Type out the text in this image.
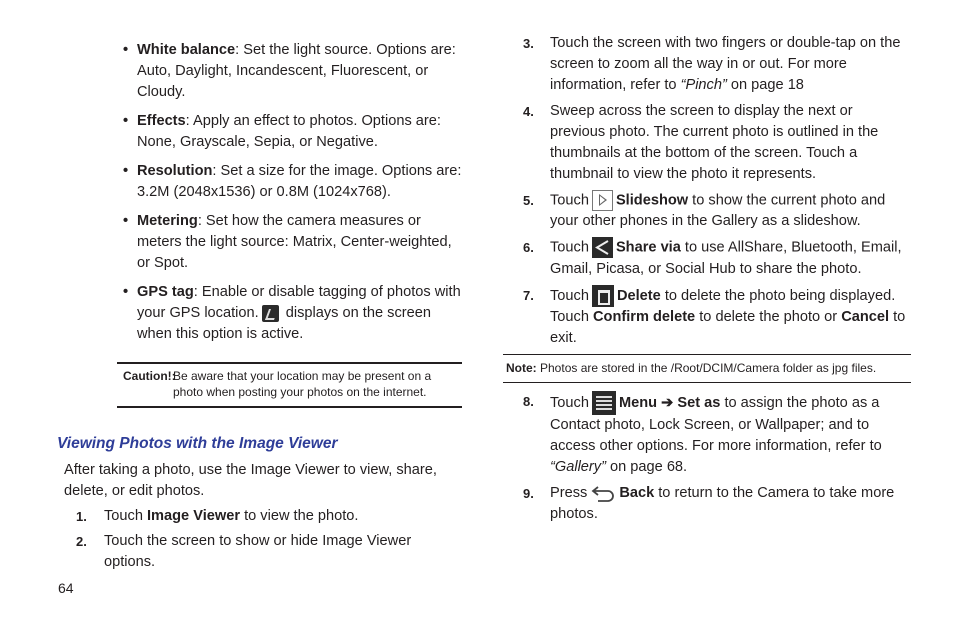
• White balance: Set the light source. Options are: Auto, Daylight, Incandescent, Fluorescent, or Cloudy.
• Effects: Apply an effect to photos. Options are: None, Grayscale, Sepia, or Negative.
• Resolution: Set a size for the image. Options are: 3.2M (2048x1536) or 0.8M (1024x768).
• Metering: Set how the camera measures or meters the light source: Matrix, Center-weighted, or Spot.
• GPS tag: Enable or disable tagging of photos with your GPS location. displays on the screen when this option is active.
Caution!:
Be aware that your location may be present on a photo when posting your photos on the internet.
Viewing Photos with the Image Viewer
After taking a photo, use the Image Viewer to view, share, delete, or edit photos.
1. Touch Image Viewer to view the photo.
2. Touch the screen to show or hide Image Viewer options.
3. Touch the screen with two fingers or double-tap on the screen to zoom all the way in or out. For more information, refer to “Pinch” on page 18
4. Sweep across the screen to display the next or previous photo. The current photo is outlined in the thumbnails at the bottom of the screen. Touch a thumbnail to view the photo it represents.
5. Touch Slideshow to show the current photo and your other phones in the Gallery as a slideshow.
6. Touch Share via to use AllShare, Bluetooth, Email, Gmail, Picasa, or Social Hub to share the photo.
7. Touch Delete to delete the photo being displayed. Touch Confirm delete to delete the photo or Cancel to exit.
Note: Photos are stored in the /Root/DCIM/Camera folder as jpg files.
8. Touch Menu ➔ Set as to assign the photo as a Contact photo, Lock Screen, or Wallpaper; and to access other options. For more information, refer to “Gallery” on page 68.
9. Press Back to return to the Camera to take more photos.
64
